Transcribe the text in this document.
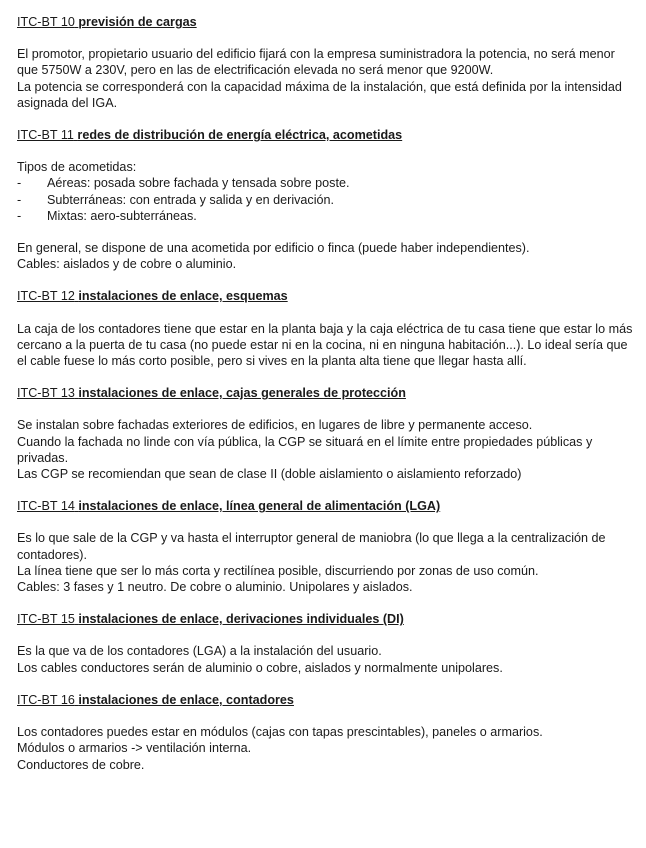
ITC-BT 10 previsión de cargas

El promotor, propietario usuario del edificio fijará con la empresa suministradora la potencia, no será menor que 5750W a 230V, pero en las de electrificación elevada no será menor que 9200W.
La potencia se corresponderá con la capacidad máxima de la instalación, que está definida por la intensidad asignada del IGA.

ITC-BT 11 redes de distribución de energía eléctrica, acometidas

Tipos de acometidas:
-	Aéreas: posada sobre fachada y tensada sobre poste.
-	Subterráneas: con entrada y salida y en derivación.
-	Mixtas: aero-subterráneas.
En general, se dispone de una acometida por edificio o finca (puede haber independientes).
Cables: aislados y de cobre o aluminio.

ITC-BT 12 instalaciones de enlace, esquemas

La caja de los contadores tiene que estar en la planta baja y la caja eléctrica de tu casa tiene que estar lo más cercano a la puerta de tu casa (no puede estar ni en la cocina, ni en ninguna habitación...). Lo ideal sería que el cable fuese lo más corto posible, pero si vives en la planta alta tiene que llegar hasta allí.

ITC-BT 13 instalaciones de enlace, cajas generales de protección

Se instalan sobre fachadas exteriores de edificios, en lugares de libre y permanente acceso.
Cuando la fachada no linde con vía pública, la CGP se situará en el límite entre propiedades públicas y privadas.
Las CGP se recomiendan que sean de clase II (doble aislamiento o aislamiento reforzado)

ITC-BT 14 instalaciones de enlace, línea general de alimentación (LGA)

Es lo que sale de la CGP y va hasta el interruptor general de maniobra (lo que llega a la centralización de contadores).
La línea tiene que ser lo más corta y rectilínea posible, discurriendo por zonas de uso común.
Cables: 3 fases y 1 neutro. De cobre o aluminio. Unipolares y aislados.

ITC-BT 15 instalaciones de enlace, derivaciones individuales (DI)

Es la que va de los contadores (LGA) a la instalación del usuario.
Los cables conductores serán de aluminio o cobre, aislados y normalmente unipolares.

ITC-BT 16 instalaciones de enlace, contadores

Los contadores puedes estar en módulos (cajas con tapas prescintables), paneles o armarios.
Módulos o armarios -> ventilación interna.
Conductores de cobre.
